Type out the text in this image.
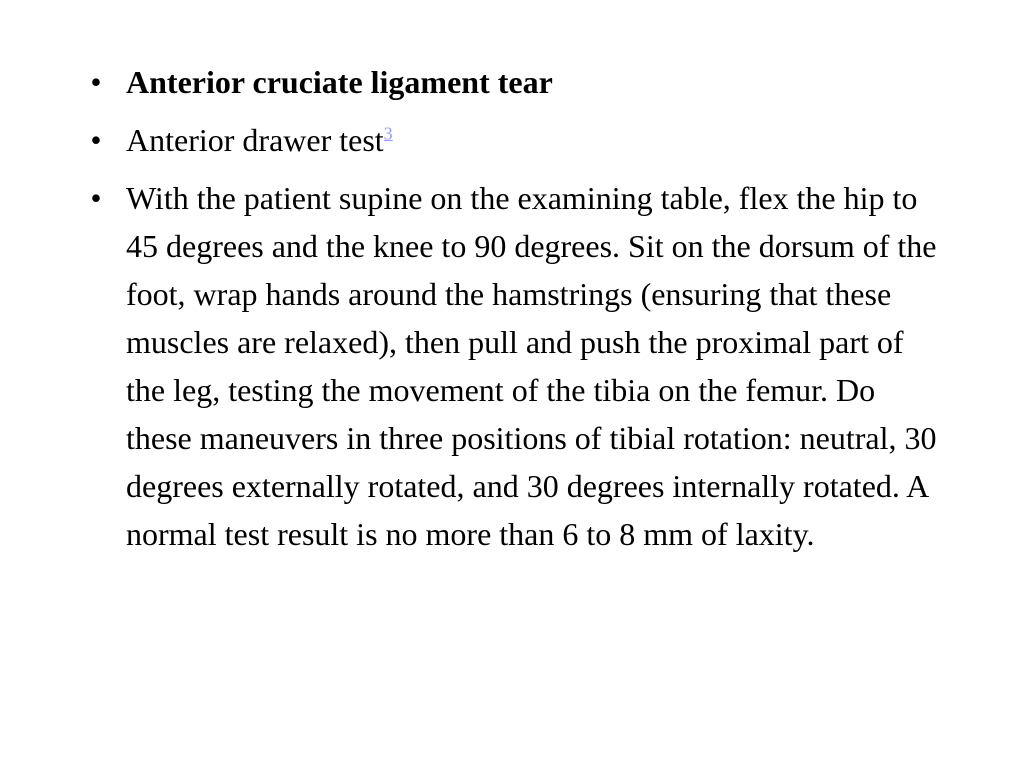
• Anterior cruciate ligament tear
• Anterior drawer test$^3$
• With the patient supine on the examining table, flex the hip to 45 degrees and the knee to 90 degrees. Sit on the dorsum of the foot, wrap hands around the hamstrings (ensuring that these muscles are relaxed), then pull and push the proximal part of the leg, testing the movement of the tibia on the femur. Do these maneuvers in three positions of tibial rotation: neutral, 30 degrees externally rotated, and 30 degrees internally rotated. A normal test result is no more than 6 to 8 mm of laxity.
